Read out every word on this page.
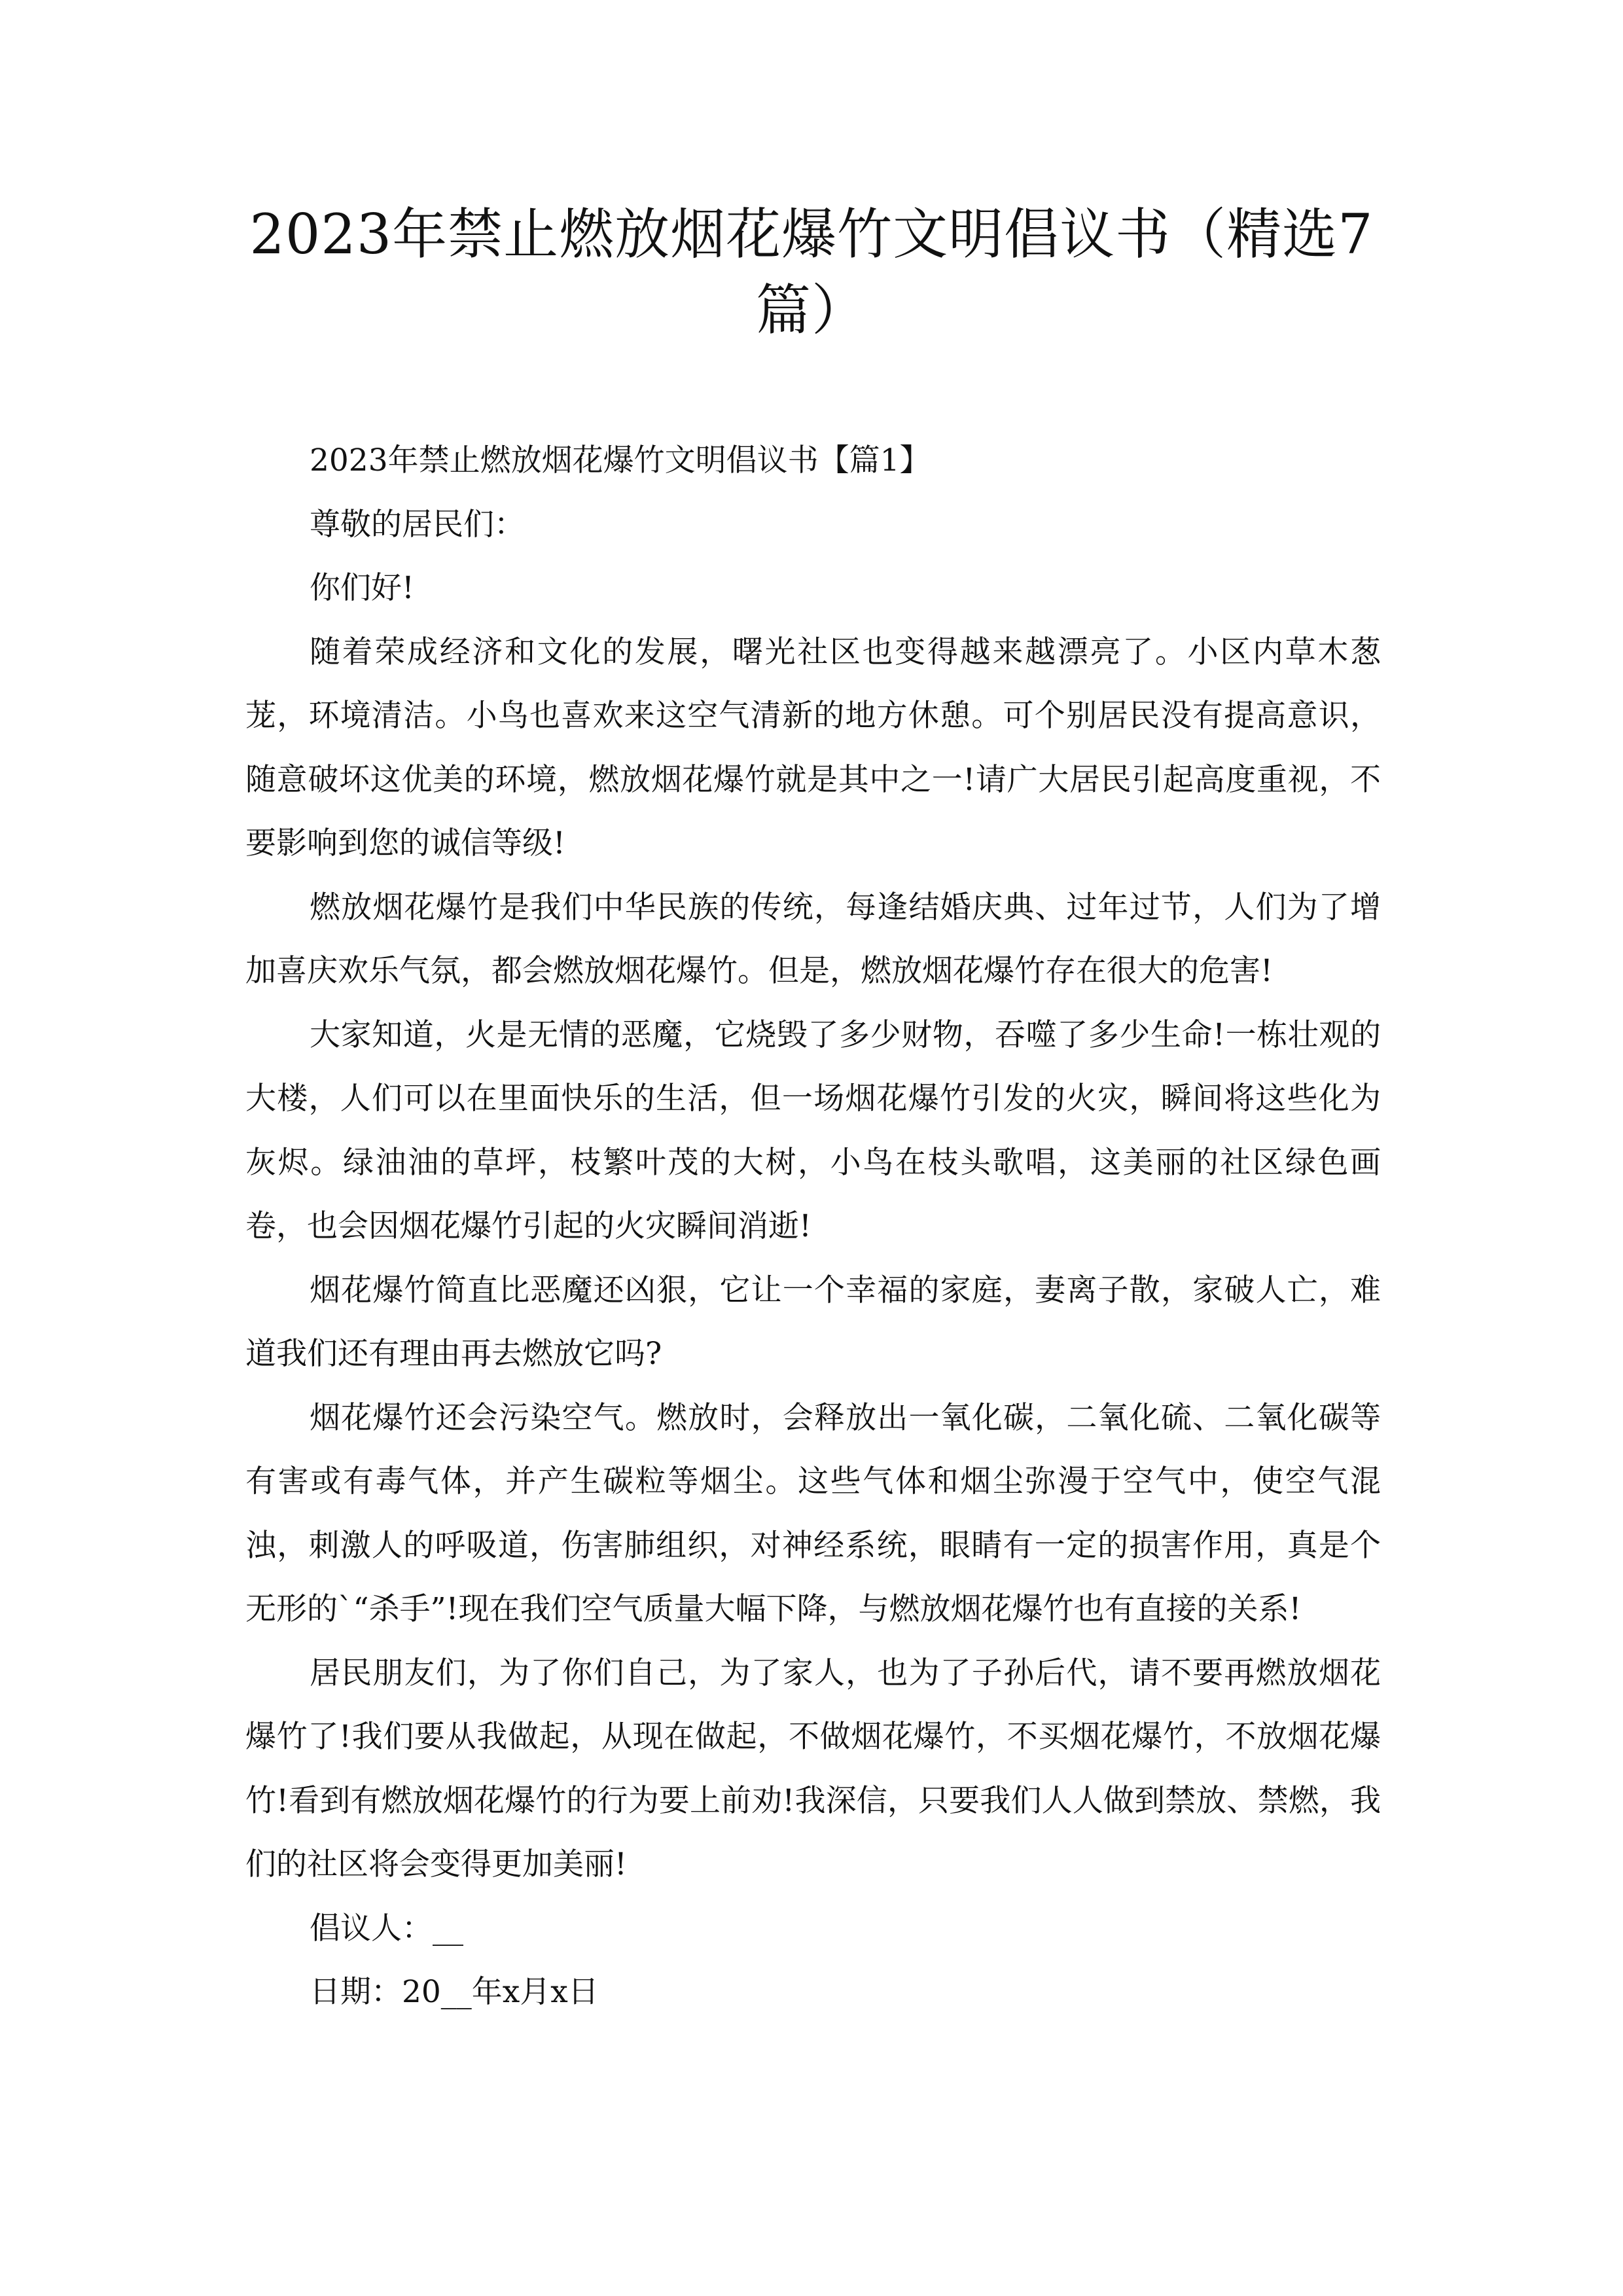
2023年禁止燃放烟花爆竹文明倡议书（精选7篇）

2023年禁止燃放烟花爆竹文明倡议书【篇1】

尊敬的居民们：

你们好!

随着荣成经济和文化的发展，曙光社区也变得越来越漂亮了。小区内草木葱茏，环境清洁。小鸟也喜欢来这空气清新的地方休憩。可个别居民没有提高意识，随意破坏这优美的环境，燃放烟花爆竹就是其中之一!请广大居民引起高度重视，不要影响到您的诚信等级!

燃放烟花爆竹是我们中华民族的传统，每逢结婚庆典、过年过节，人们为了增加喜庆欢乐气氛，都会燃放烟花爆竹。但是，燃放烟花爆竹存在很大的危害!

大家知道，火是无情的恶魔，它烧毁了多少财物，吞噬了多少生命!一栋壮观的大楼，人们可以在里面快乐的生活，但一场烟花爆竹引发的火灾，瞬间将这些化为灰烬。绿油油的草坪，枝繁叶茂的大树，小鸟在枝头歌唱，这美丽的社区绿色画卷，也会因烟花爆竹引起的火灾瞬间消逝!

烟花爆竹简直比恶魔还凶狠，它让一个幸福的家庭，妻离子散，家破人亡，难道我们还有理由再去燃放它吗?

烟花爆竹还会污染空气。燃放时，会释放出一氧化碳，二氧化硫、二氧化碳等有害或有毒气体，并产生碳粒等烟尘。这些气体和烟尘弥漫于空气中，使空气混浊，刺激人的呼吸道，伤害肺组织，对神经系统，眼睛有一定的损害作用，真是个无形的`“杀手”!现在我们空气质量大幅下降，与燃放烟花爆竹也有直接的关系!

居民朋友们，为了你们自己，为了家人，也为了子孙后代，请不要再燃放烟花爆竹了!我们要从我做起，从现在做起，不做烟花爆竹，不买烟花爆竹，不放烟花爆竹!看到有燃放烟花爆竹的行为要上前劝!我深信，只要我们人人做到禁放、禁燃，我们的社区将会变得更加美丽!

倡议人：__

日期：20__年x月x日
